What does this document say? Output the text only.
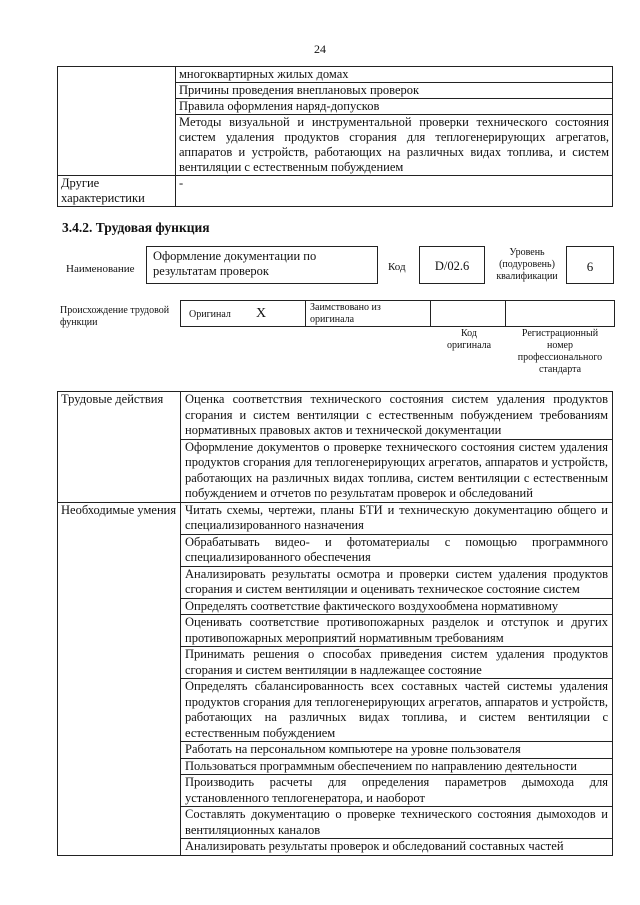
24
	многоквартирных жилых домах
	Причины проведения внеплановых проверок
	Правила оформления наряд-допусков
	Методы визуальной и инструментальной проверки технического состояния систем удаления продуктов сгорания для теплогенерирующих агрегатов, аппаратов и устройств, работающих на различных видах топлива, и систем вентиляции с естественным побуждением
Другие характеристики	-
3.4.2. Трудовая функция
Наименование
Оформление документации по результатам проверок	Код	D/02.6
Уровень (подуровень) квалификации
6
Происхождение трудовой функции
Оригинал X	Заимствовано из оригинала
Код оригинала
Регистрационный номер профессионального стандарта
Трудовые действия	Оценка соответствия технического состояния систем удаления продуктов сгорания и систем вентиляции с естественным побуждением требованиям нормативных правовых актов и технической документации
	Оформление документов о проверке технического состояния систем удаления продуктов сгорания для теплогенерирующих агрегатов, аппаратов и устройств, работающих на различных видах топлива, систем вентиляции с естественным побуждением и отчетов по результатам проверок и обследований
Необходимые умения	Читать схемы, чертежи, планы БТИ и техническую документацию общего и специализированного назначения
	Обрабатывать видео- и фотоматериалы с помощью программного специализированного обеспечения
	Анализировать результаты осмотра и проверки систем удаления продуктов сгорания и систем вентиляции и оценивать техническое состояние систем
	Определять соответствие фактического воздухообмена нормативному
	Оценивать соответствие противопожарных разделок и отступок и других противопожарных мероприятий нормативным требованиям
	Принимать решения о способах приведения систем удаления продуктов сгорания и систем вентиляции в надлежащее состояние
	Определять сбалансированность всех составных частей системы удаления продуктов сгорания для теплогенерирующих агрегатов, аппаратов и устройств, работающих на различных видах топлива, и систем вентиляции с естественным побуждением
	Работать на персональном компьютере на уровне пользователя
	Пользоваться программным обеспечением по направлению деятельности
	Производить расчеты для определения параметров дымохода для установленного теплогенератора, и наоборот
	Составлять документацию о проверке технического состояния дымоходов и вентиляционных каналов
	Анализировать результаты проверок и обследований составных частей
